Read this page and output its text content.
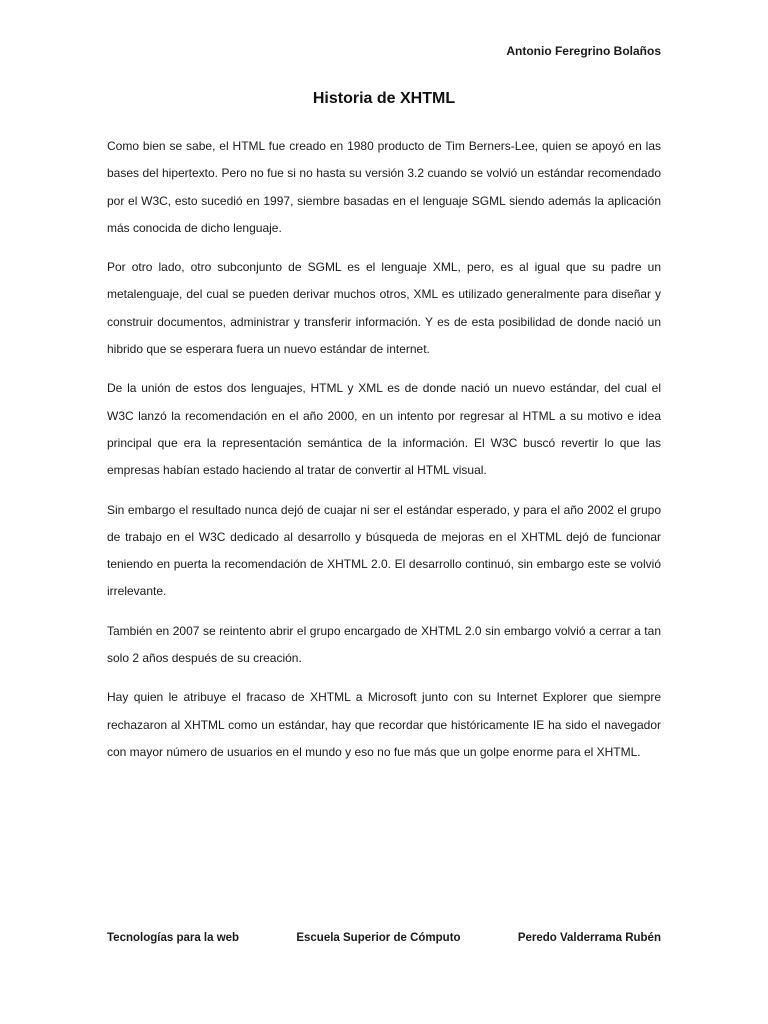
Antonio Feregrino Bolaños
Historia de XHTML

Como bien se sabe, el HTML fue creado en 1980 producto de Tim Berners-Lee, quien se apoyó en las bases del hipertexto. Pero no fue si no hasta su versión 3.2 cuando se volvió un estándar recomendado por el W3C, esto sucedió en 1997, siembre basadas en el lenguaje SGML siendo además la aplicación más conocida de dicho lenguaje.

Por otro lado, otro subconjunto de SGML es el lenguaje XML, pero, es al igual que su padre un metalenguaje, del cual se pueden derivar muchos otros, XML es utilizado generalmente para diseñar y construir documentos, administrar y transferir información. Y es de esta posibilidad de donde nació un hibrido que se esperara fuera un nuevo estándar de internet.

De la unión de estos dos lenguajes, HTML y XML es de donde nació un nuevo estándar, del cual el W3C lanzó la recomendación en el año 2000, en un intento por regresar al HTML a su motivo e idea principal que era la representación semántica de la información. El W3C buscó revertir lo que las empresas habían estado haciendo al tratar de convertir al HTML visual.

Sin embargo el resultado nunca dejó de cuajar ni ser el estándar esperado, y para el año 2002 el grupo de trabajo en el W3C dedicado al desarrollo y búsqueda de mejoras en el XHTML dejó de funcionar teniendo en puerta la recomendación de XHTML 2.0. El desarrollo continuó, sin embargo este se volvió irrelevante.

También en 2007 se reintento abrir el grupo encargado de XHTML 2.0 sin embargo volvió a cerrar a tan solo 2 años después de su creación.

Hay quien le atribuye el fracaso de XHTML a Microsoft junto con su Internet Explorer que siempre rechazaron al XHTML como un estándar, hay que recordar que históricamente IE ha sido el navegador con mayor número de usuarios en el mundo y eso no fue más que un golpe enorme para el XHTML.

Tecnologías para la web	Escuela Superior de Cómputo	Peredo Valderrama Rubén
